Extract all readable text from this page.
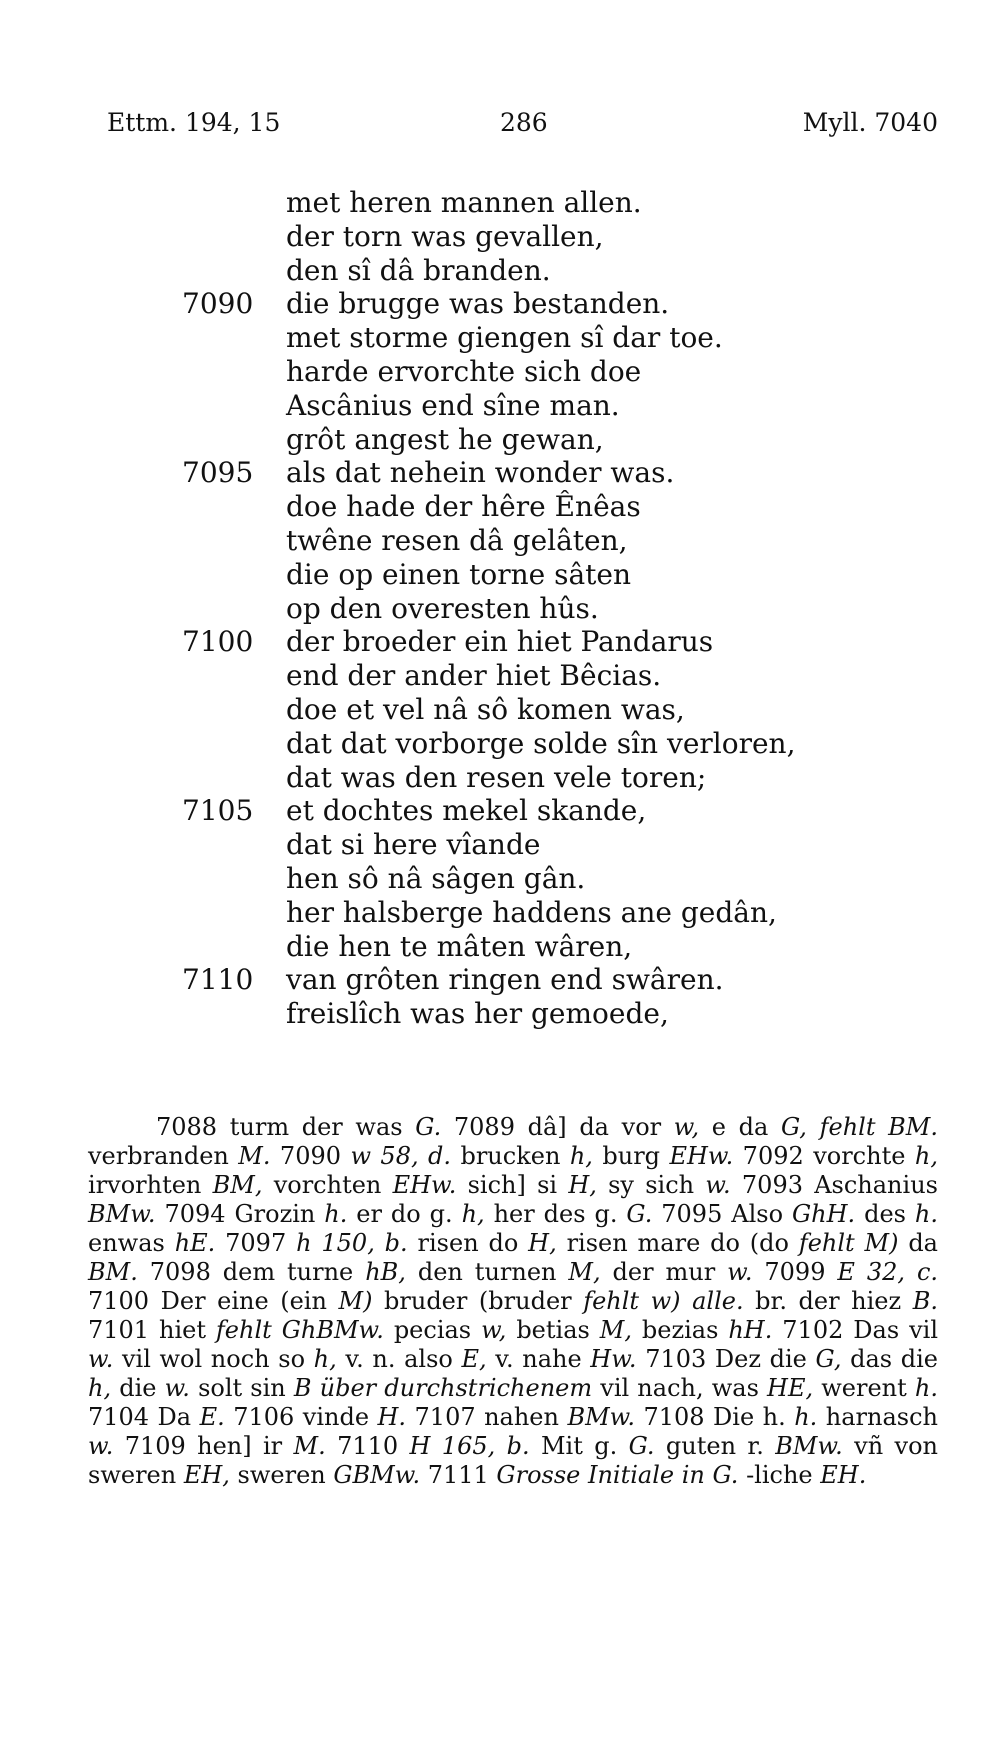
Ettm. 194, 15	286	Myll. 7040
met heren mannen allen.
der torn was gevallen,
den sî dâ branden.
7090 die brugge was bestanden.
met storme giengen sî dar toe.
harde ervorchte sich doe
Ascânius end sîne man.
grôt angest he gewan,
7095 als dat nehein wonder was.
doe hade der hêre Ênêas
twêne resen dâ gelâten,
die op einen torne sâten
op den overesten hûs.
7100 der broeder ein hiet Pandarus
end der ander hiet Bêcias.
doe et vel nâ sô komen was,
dat dat vorborge solde sîn verloren,
dat was den resen vele toren;
7105 et dochtes mekel skande,
dat si here vîande
hen sô nâ sâgen gân.
her halsberge haddens ane gedân,
die hen te mâten wâren,
7110 van grôten ringen end swâren.
freislîch was her gemoede,

7088 turm der was G. 7089 dâ] da vor w, e da G, fehlt BM. verbranden M. 7090 w 58, d. brucken h, burg EHw. 7092 vorchte h, irvorhten BM, vorchten EHw. sich] si H, sy sich w. 7093 Aschanius BMw. 7094 Grozin h. er do g. h, her des g. G. 7095 Also GhH. des h. enwas hE. 7097 h 150, b. risen do H, risen mare do (do fehlt M) da BM. 7098 dem turne hB, den turnen M, der mur w. 7099 E 32, c. 7100 Der eine (ein M) bruder (bruder fehlt w) alle. br. der hiez B. 7101 hiet fehlt GhBMw. pecias w, betias M, bezias hH. 7102 Das vil w. vil wol noch so h, v. n. also E, v. nahe Hw. 7103 Dez die G, das die h, die w. solt sin B über durchstrichenem vil nach, was HE, werent h. 7104 Da E. 7106 vinde H. 7107 nahen BMw. 7108 Die h. h. harnasch w. 7109 hen] ir M. 7110 H 165, b. Mit g. G. guten r. BMw. vñ von sweren EH, sweren GBMw. 7111 Grosse Initiale in G. -liche EH.
